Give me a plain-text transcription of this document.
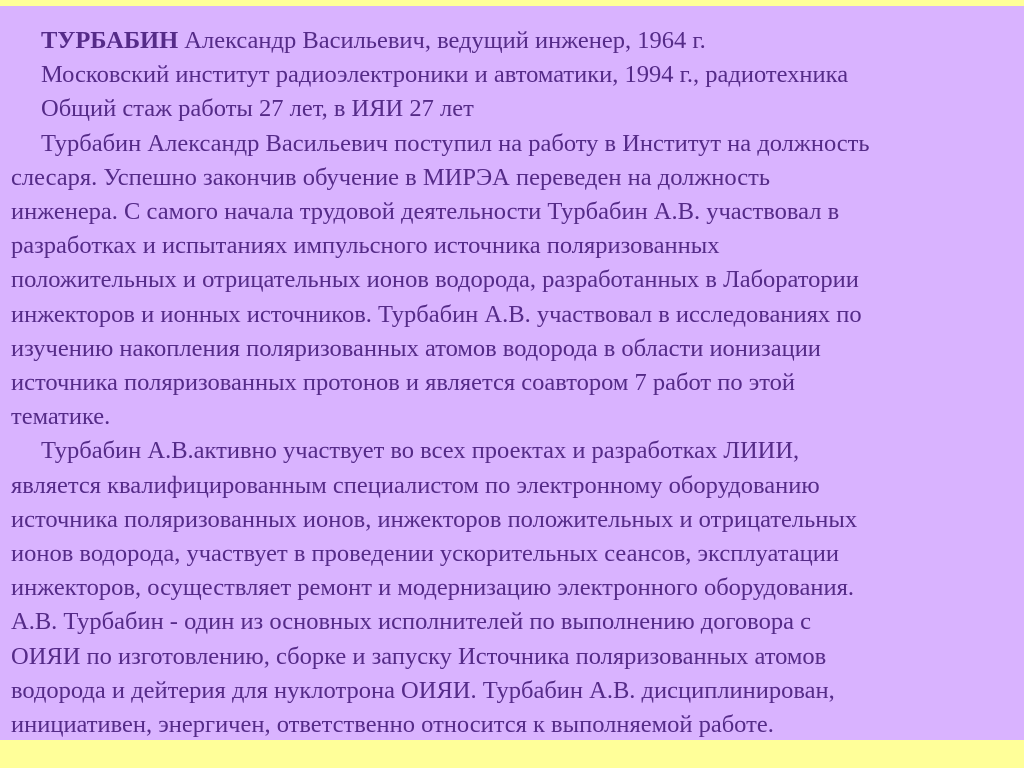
ТУРБАБИН Александр Васильевич, ведущий инженер, 1964 г.
Московский институт радиоэлектроники и автоматики, 1994 г., радиотехника
Общий стаж работы 27 лет, в ИЯИ 27 лет
Турбабин Александр Васильевич поступил на работу в Институт на должность
слесаря. Успешно закончив обучение в МИРЭА переведен на должность
инженера. С самого начала трудовой деятельности Турбабин А.В. участвовал в
разработках и испытаниях импульсного источника поляризованных
положительных и отрицательных ионов водорода, разработанных в Лаборатории
инжекторов и ионных источников. Турбабин А.В. участвовал в исследованиях по
изучению накопления поляризованных атомов водорода в области ионизации
источника поляризованных протонов и является соавтором 7 работ по этой
тематике.
Турбабин А.В.активно участвует во всех проектах и разработках ЛИИИ,
является квалифицированным специалистом по электронному оборудованию
источника поляризованных ионов, инжекторов положительных и отрицательных
ионов водорода, участвует в проведении ускорительных сеансов, эксплуатации
инжекторов, осуществляет ремонт и модернизацию электронного оборудования.
А.В. Турбабин - один из основных исполнителей по выполнению договора с
ОИЯИ по изготовлению, сборке и запуску Источника поляризованных атомов
водорода и дейтерия для нуклотрона ОИЯИ. Турбабин А.В. дисциплинирован,
инициативен, энергичен, ответственно относится к выполняемой работе.
